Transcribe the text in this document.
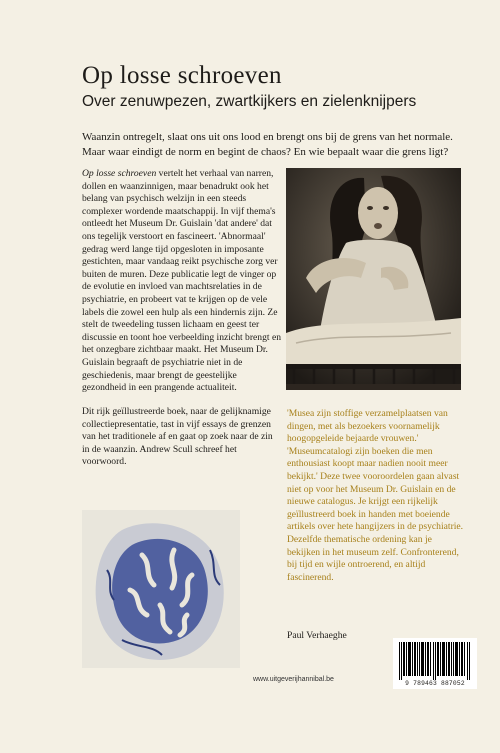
Op losse schroeven
Over zenuwpezen, zwartkijkers en zielenknijpers

Waanzin ontregelt, slaat ons uit ons lood en brengt ons bij de grens van het normale. Maar waar eindigt de norm en begint de chaos? En wie bepaalt waar die grens ligt?

Op losse schroeven vertelt het verhaal van narren, dollen en waanzinnigen, maar benadrukt ook het belang van psychisch welzijn in een steeds complexer wordende maatschappij. In vijf thema's ontleedt het Museum Dr. Guislain 'dat andere' dat ons tegelijk verstoort en fascineert. 'Abnormaal' gedrag werd lange tijd opgesloten in imposante gestichten, maar vandaag reikt psychische zorg ver buiten de muren. Deze publicatie legt de vinger op de evolutie en invloed van machtsrelaties in de psychiatrie, en probeert vat te krijgen op de vele labels die zowel een hulp als een hindernis zijn. Ze stelt de tweedeling tussen lichaam en geest ter discussie en toont hoe verbeelding inzicht brengt en het onzegbare zichtbaar maakt. Het Museum Dr. Guislain begraaft de psychiatrie niet in de geschiedenis, maar brengt de geestelijke gezondheid in een prangende actualiteit.

Dit rijk geïllustreerde boek, naar de gelijknamige collectiepresentatie, tast in vijf essays de grenzen van het traditionele af en gaat op zoek naar de zin in de waanzin. Andrew Scull schreef het voorwoord.

'Musea zijn stoffige verzamelplaatsen van dingen, met als bezoekers voornamelijk hoogopgeleide bejaarde vrouwen.' 'Museumcatalogi zijn boeken die men enthousiast koopt maar nadien nooit meer bekijkt.' Deze twee vooroordelen gaan alvast niet op voor het Museum Dr. Guislain en de nieuwe catalogus. Je krijgt een rijkelijk geïllustreerd boek in handen met boeiende artikels over hete hangijzers in de psychiatrie. Dezelfde thematische ordening kan je bekijken in het museum zelf. Confronterend, bij tijd en wijle ontroerend, en altijd fascinerend.

Paul Verhaeghe
www.uitgeverijhannibal.be
9 789463 887052
